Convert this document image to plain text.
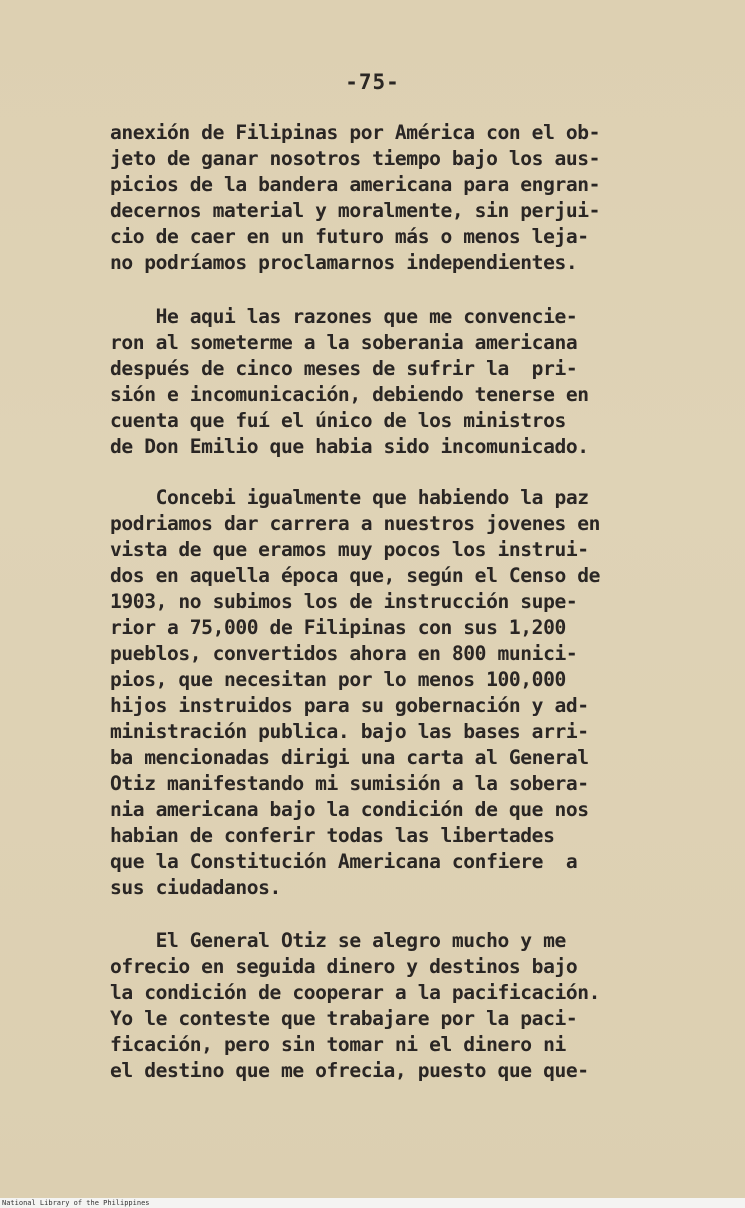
-75-
anexión de Filipinas por América con el ob-
jeto de ganar nosotros tiempo bajo los aus-
picios de la bandera americana para engran-
decernos material y moralmente, sin perjui-
cio de caer en un futuro más o menos leja-
no podríamos proclamarnos independientes.
He aqui las razones que me convencie-
ron al someterme a la soberania americana
después de cinco meses de sufrir la  pri-
sión e incomunicación, debiendo tenerse en
cuenta que fuí el único de los ministros
de Don Emilio que habia sido incomunicado.
Concebi igualmente que habiendo la paz
podriamos dar carrera a nuestros jovenes en
vista de que eramos muy pocos los instrui-
dos en aquella época que, según el Censo de
1903, no subimos los de instrucción supe-
rior a 75,000 de Filipinas con sus 1,200
pueblos, convertidos ahora en 800 munici-
pios, que necesitan por lo menos 100,000
hijos instruidos para su gobernación y ad-
ministración publica. bajo las bases arri-
ba mencionadas dirigi una carta al General
Otiz manifestando mi sumisión a la sobera-
nia americana bajo la condición de que nos
habian de conferir todas las libertades
que la Constitución Americana confiere  a
sus ciudadanos.
El General Otiz se alegro mucho y me
ofrecio en seguida dinero y destinos bajo
la condición de cooperar a la pacificación.
Yo le conteste que trabajare por la paci-
ficación, pero sin tomar ni el dinero ni
el destino que me ofrecia, puesto que que-
National Library of the Philippines
